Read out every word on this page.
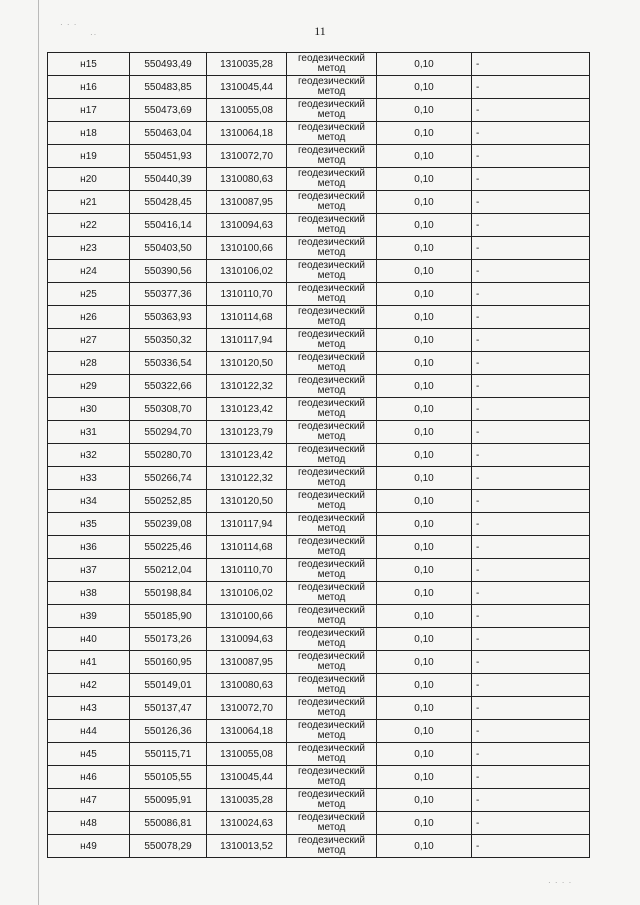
· · ·
··
· · · ·
11
н15	550493,49	1310035,28	геодезический метод	0,10	-
н16	550483,85	1310045,44	геодезический метод	0,10	-
н17	550473,69	1310055,08	геодезический метод	0,10	-
н18	550463,04	1310064,18	геодезический метод	0,10	-
н19	550451,93	1310072,70	геодезический метод	0,10	-
н20	550440,39	1310080,63	геодезический метод	0,10	-
н21	550428,45	1310087,95	геодезический метод	0,10	-
н22	550416,14	1310094,63	геодезический метод	0,10	-
н23	550403,50	1310100,66	геодезический метод	0,10	-
н24	550390,56	1310106,02	геодезический метод	0,10	-
н25	550377,36	1310110,70	геодезический метод	0,10	-
н26	550363,93	1310114,68	геодезический метод	0,10	-
н27	550350,32	1310117,94	геодезический метод	0,10	-
н28	550336,54	1310120,50	геодезический метод	0,10	-
н29	550322,66	1310122,32	геодезический метод	0,10	-
н30	550308,70	1310123,42	геодезический метод	0,10	-
н31	550294,70	1310123,79	геодезический метод	0,10	-
н32	550280,70	1310123,42	геодезический метод	0,10	-
н33	550266,74	1310122,32	геодезический метод	0,10	-
н34	550252,85	1310120,50	геодезический метод	0,10	-
н35	550239,08	1310117,94	геодезический метод	0,10	-
н36	550225,46	1310114,68	геодезический метод	0,10	-
н37	550212,04	1310110,70	геодезический метод	0,10	-
н38	550198,84	1310106,02	геодезический метод	0,10	-
н39	550185,90	1310100,66	геодезический метод	0,10	-
н40	550173,26	1310094,63	геодезический метод	0,10	-
н41	550160,95	1310087,95	геодезический метод	0,10	-
н42	550149,01	1310080,63	геодезический метод	0,10	-
н43	550137,47	1310072,70	геодезический метод	0,10	-
н44	550126,36	1310064,18	геодезический метод	0,10	-
н45	550115,71	1310055,08	геодезический метод	0,10	-
н46	550105,55	1310045,44	геодезический метод	0,10	-
н47	550095,91	1310035,28	геодезический метод	0,10	-
н48	550086,81	1310024,63	геодезический метод	0,10	-
н49	550078,29	1310013,52	геодезический метод	0,10	-
